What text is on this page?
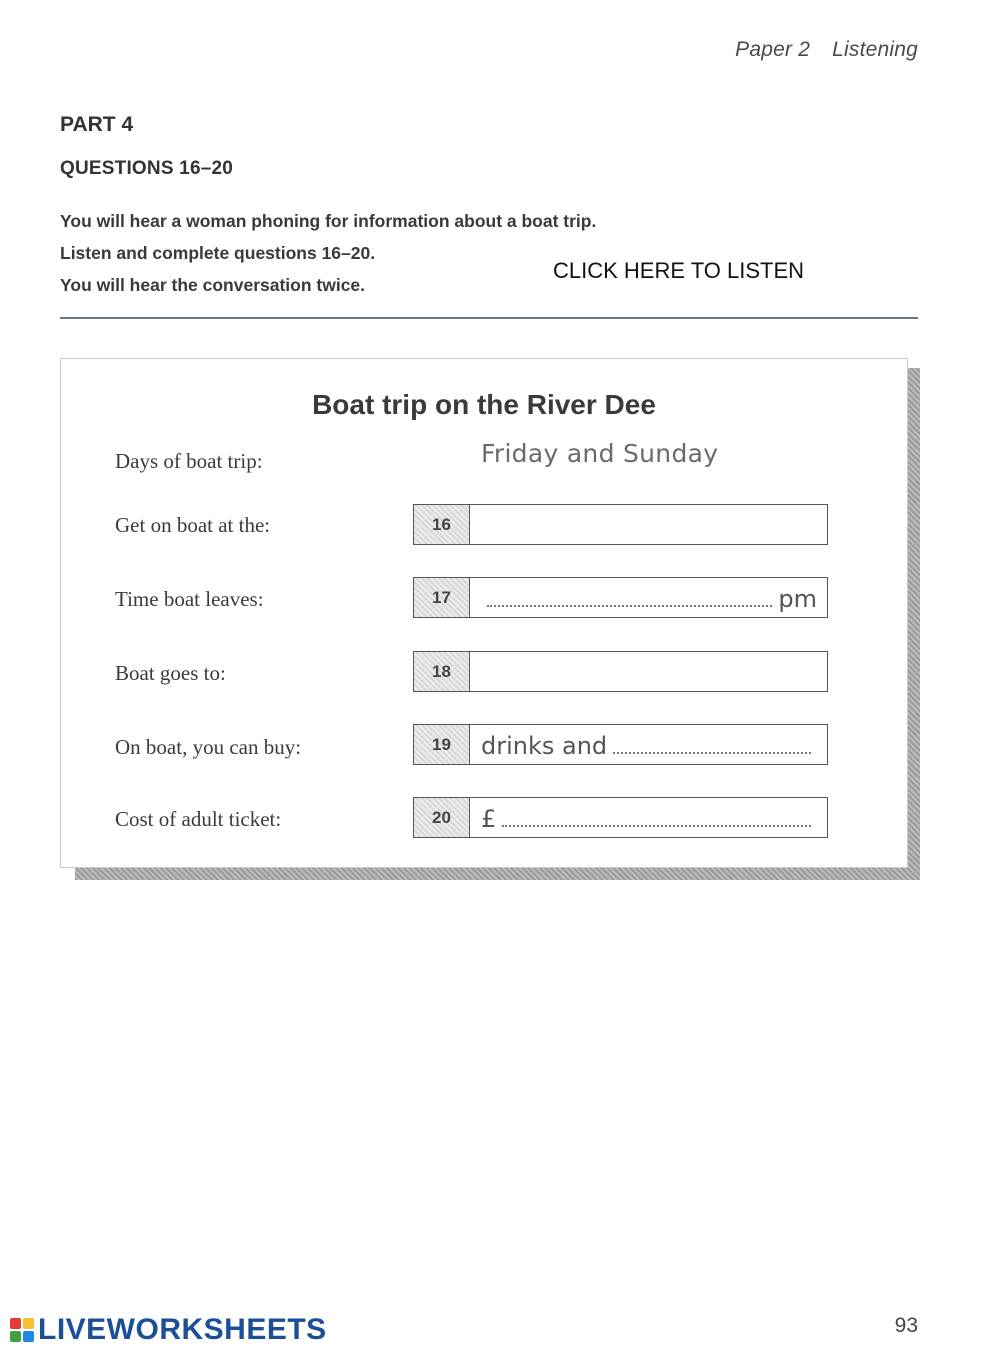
Paper 2 Listening
PART 4
QUESTIONS 16–20
You will hear a woman phoning for information about a boat trip.
Listen and complete questions 16–20.
You will hear the conversation twice.
CLICK HERE TO LISTEN
Boat trip on the River Dee
Days of boat trip:	Friday and Sunday
Get on boat at the:	16
Time boat leaves:	17	pm
Boat goes to:	18
On boat, you can buy:	19	drinks and
Cost of adult ticket:	20	£
LIVEWORKSHEETS	93
